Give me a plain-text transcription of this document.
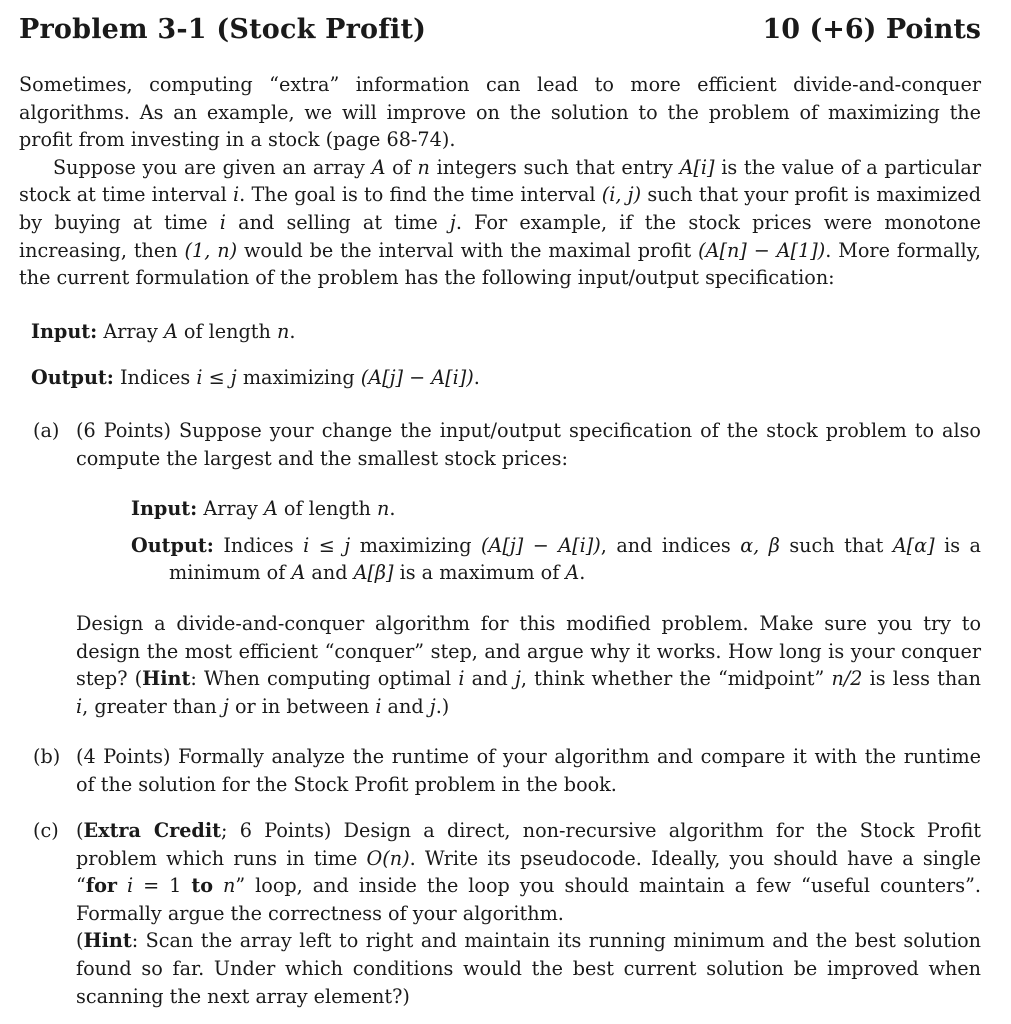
Problem 3-1 (Stock Profit)	10 (+6) Points

Sometimes, computing “extra” information can lead to more efficient divide-and-conquer algorithms. As an example, we will improve on the solution to the problem of maximizing the profit from investing in a stock (page 68-74).

Suppose you are given an array A of n integers such that entry A[i] is the value of a particular stock at time interval i. The goal is to find the time interval (i, j) such that your profit is maximized by buying at time i and selling at time j. For example, if the stock prices were monotone increasing, then (1, n) would be the interval with the maximal profit (A[n] − A[1]). More formally, the current formulation of the problem has the following input/output specification:

Input: Array A of length n.
Output: Indices i ≤ j maximizing (A[j] − A[i]).
(a) (6 Points) Suppose your change the input/output specification of the stock problem to also compute the largest and the smallest stock prices:

Input: Array A of length n.
Output: Indices i ≤ j maximizing (A[j] − A[i]), and indices α, β such that A[α] is a minimum of A and A[β] is a maximum of A.

Design a divide-and-conquer algorithm for this modified problem. Make sure you try to design the most efficient “conquer” step, and argue why it works. How long is your conquer step? (Hint: When computing optimal i and j, think whether the “midpoint” n/2 is less than i, greater than j or in between i and j.)

(b) (4 Points) Formally analyze the runtime of your algorithm and compare it with the runtime of the solution for the Stock Profit problem in the book.

(c) (Extra Credit; 6 Points) Design a direct, non-recursive algorithm for the Stock Profit problem which runs in time O(n). Write its pseudocode. Ideally, you should have a single “for i = 1 to n” loop, and inside the loop you should maintain a few “useful counters”. Formally argue the correctness of your algorithm.

(Hint: Scan the array left to right and maintain its running minimum and the best solution found so far. Under which conditions would the best current solution be improved when scanning the next array element?)
